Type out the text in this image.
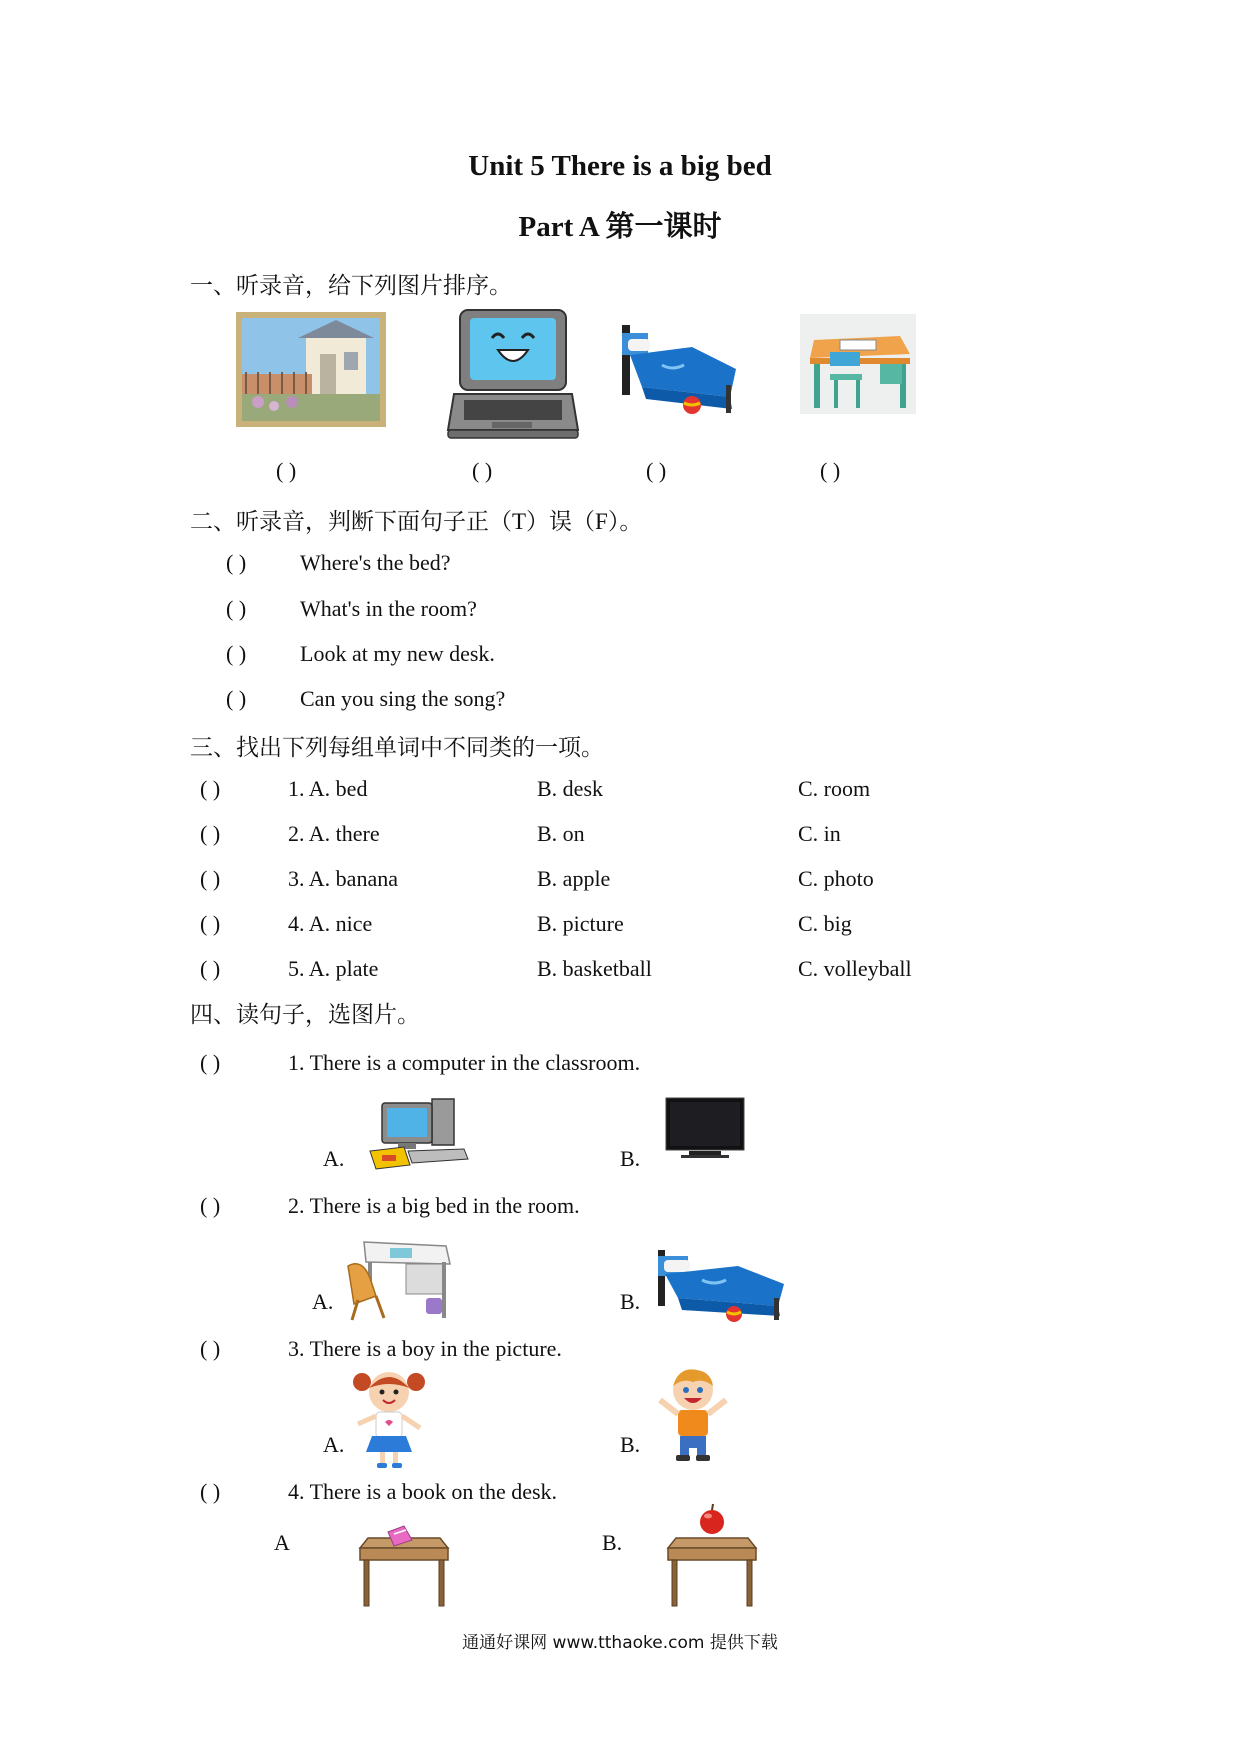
Unit 5 There is a big bed
Part A 第一课时
一、听录音，给下列图片排序。
( )	( )	( )	( )
二、听录音，判断下面句子正（T）误（F）。
( ) Where's the bed?
( ) What's in the room?
( ) Look at my new desk.
( ) Can you sing the song?
三、找出下列每组单词中不同类的一项。
( )	1. A. bed	B. desk	C. room
( )	2. A. there	B. on	C. in
( )	3. A. banana	B. apple	C. photo
( )	4. A. nice	B. picture	C. big
( )	5. A. plate	B. basketball	C. volleyball
四、读句子，选图片。
( )	1. There is a computer in the classroom.
A.	B.
( )	2. There is a big bed in the room.
A.	B.
( )	3. There is a boy in the picture.
A.	B.
( )	4. There is a book on the desk.
A	B.
通通好课网 www.tthaoke.com 提供下载
